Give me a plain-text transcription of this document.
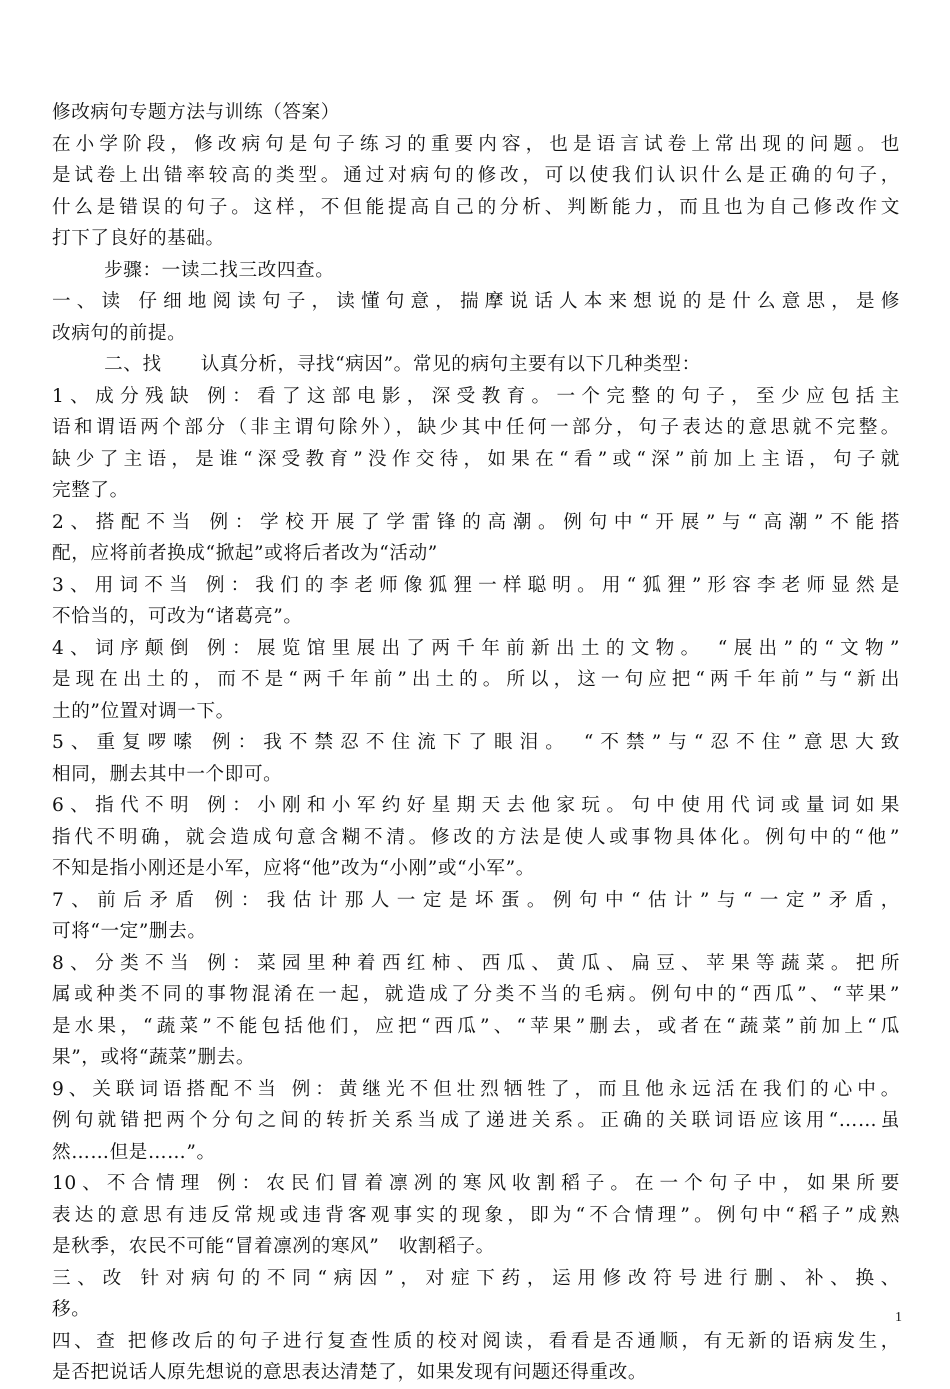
修改病句专题方法与训练（答案）
在小学阶段，修改病句是句子练习的重要内容，也是语言试卷上常出现的问题。也
是试卷上出错率较高的类型。通过对病句的修改，可以使我们认识什么是正确的句子，
什么是错误的句子。这样，不但能提高自己的分析、判断能力，而且也为自己修改作文
打下了良好的基础。
步骤：一读二找三改四查。
一、读 仔细地阅读句子，读懂句意，揣摩说话人本来想说的是什么意思，是修
改病句的前提。
二、找      认真分析，寻找“病因”。常见的病句主要有以下几种类型：
1、成分残缺 例：看了这部电影，深受教育。一个完整的句子，至少应包括主
语和谓语两个部分（非主谓句除外），缺少其中任何一部分，句子表达的意思就不完整。
缺少了主语，是谁“深受教育”没作交待，如果在“看”或“深”前加上主语，句子就
完整了。
2、搭配不当 例：学校开展了学雷锋的高潮。例句中“开展”与“高潮”不能搭
配，应将前者换成“掀起”或将后者改为“活动”
3、用词不当 例：我们的李老师像狐狸一样聪明。用“狐狸”形容李老师显然是
不恰当的，可改为“诸葛亮”。
4、词序颠倒 例：展览馆里展出了两千年前新出土的文物。 “展出”的“文物”
是现在出土的，而不是“两千年前”出土的。所以，这一句应把“两千年前”与“新出
土的”位置对调一下。
5、重复啰嗦 例：我不禁忍不住流下了眼泪。 “不禁”与“忍不住”意思大致
相同，删去其中一个即可。
6、指代不明 例：小刚和小军约好星期天去他家玩。句中使用代词或量词如果
指代不明确，就会造成句意含糊不清。修改的方法是使人或事物具体化。例句中的“他”
不知是指小刚还是小军，应将“他”改为“小刚”或“小军”。
7、前后矛盾 例：我估计那人一定是坏蛋。例句中“估计”与“一定”矛盾，
可将“一定”删去。
8、分类不当 例：菜园里种着西红柿、西瓜、黄瓜、扁豆、苹果等蔬菜。把所
属或种类不同的事物混淆在一起，就造成了分类不当的毛病。例句中的“西瓜”、“苹果”
是水果，“蔬菜”不能包括他们，应把“西瓜”、“苹果”删去，或者在“蔬菜”前加上“瓜
果”，或将“蔬菜”删去。
9、关联词语搭配不当 例：黄继光不但壮烈牺牲了，而且他永远活在我们的心中。
例句就错把两个分句之间的转折关系当成了递进关系。正确的关联词语应该用“……虽
然……但是……”。
10、不合情理 例：农民们冒着凛冽的寒风收割稻子。在一个句子中，如果所要
表达的意思有违反常规或违背客观事实的现象，即为“不合情理”。例句中“稻子”成熟
是秋季，农民不可能“冒着凛冽的寒风”   收割稻子。
三、改 针对病句的不同“病因”，对症下药，运用修改符号进行删、补、换、
移。
四、查 把修改后的句子进行复查性质的校对阅读，看看是否通顺，有无新的语病发生，
是否把说话人原先想说的意思表达清楚了，如果发现有问题还得重改。
1
